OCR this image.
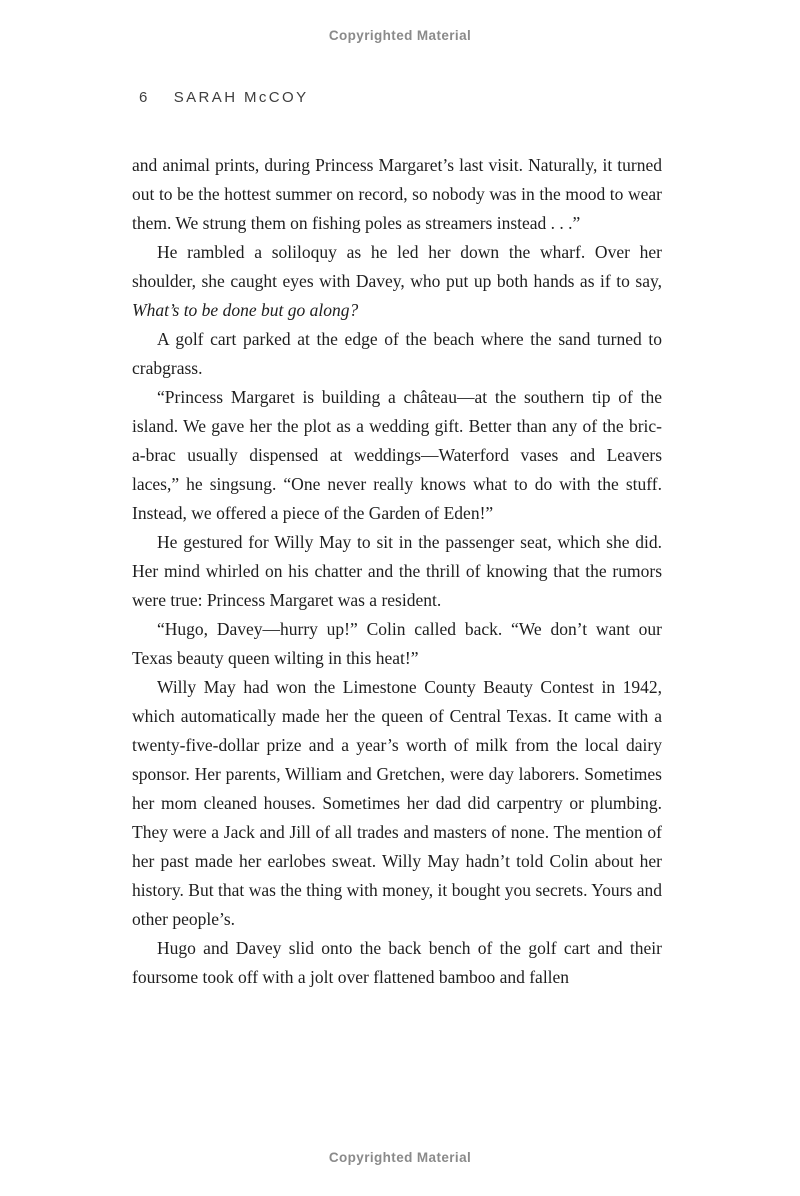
Copyrighted Material
6 SARAH McCOY

and animal prints, during Princess Margaret’s last visit. Naturally, it turned out to be the hottest summer on record, so nobody was in the mood to wear them. We strung them on fishing poles as streamers instead . . .”

He rambled a soliloquy as he led her down the wharf. Over her shoulder, she caught eyes with Davey, who put up both hands as if to say, What’s to be done but go along?

A golf cart parked at the edge of the beach where the sand turned to crabgrass.

“Princess Margaret is building a château—at the southern tip of the island. We gave her the plot as a wedding gift. Better than any of the bric-a-brac usually dispensed at weddings—Waterford vases and Leavers laces,” he singsung. “One never really knows what to do with the stuff. Instead, we offered a piece of the Garden of Eden!”

He gestured for Willy May to sit in the passenger seat, which she did. Her mind whirled on his chatter and the thrill of knowing that the rumors were true: Princess Margaret was a resident.

“Hugo, Davey—hurry up!” Colin called back. “We don’t want our Texas beauty queen wilting in this heat!”

Willy May had won the Limestone County Beauty Contest in 1942, which automatically made her the queen of Central Texas. It came with a twenty-five-dollar prize and a year’s worth of milk from the local dairy sponsor. Her parents, William and Gretchen, were day laborers. Sometimes her mom cleaned houses. Sometimes her dad did carpentry or plumbing. They were a Jack and Jill of all trades and masters of none. The mention of her past made her earlobes sweat. Willy May hadn’t told Colin about her history. But that was the thing with money, it bought you secrets. Yours and other people’s.

Hugo and Davey slid onto the back bench of the golf cart and their foursome took off with a jolt over flattened bamboo and fallen

Copyrighted Material
